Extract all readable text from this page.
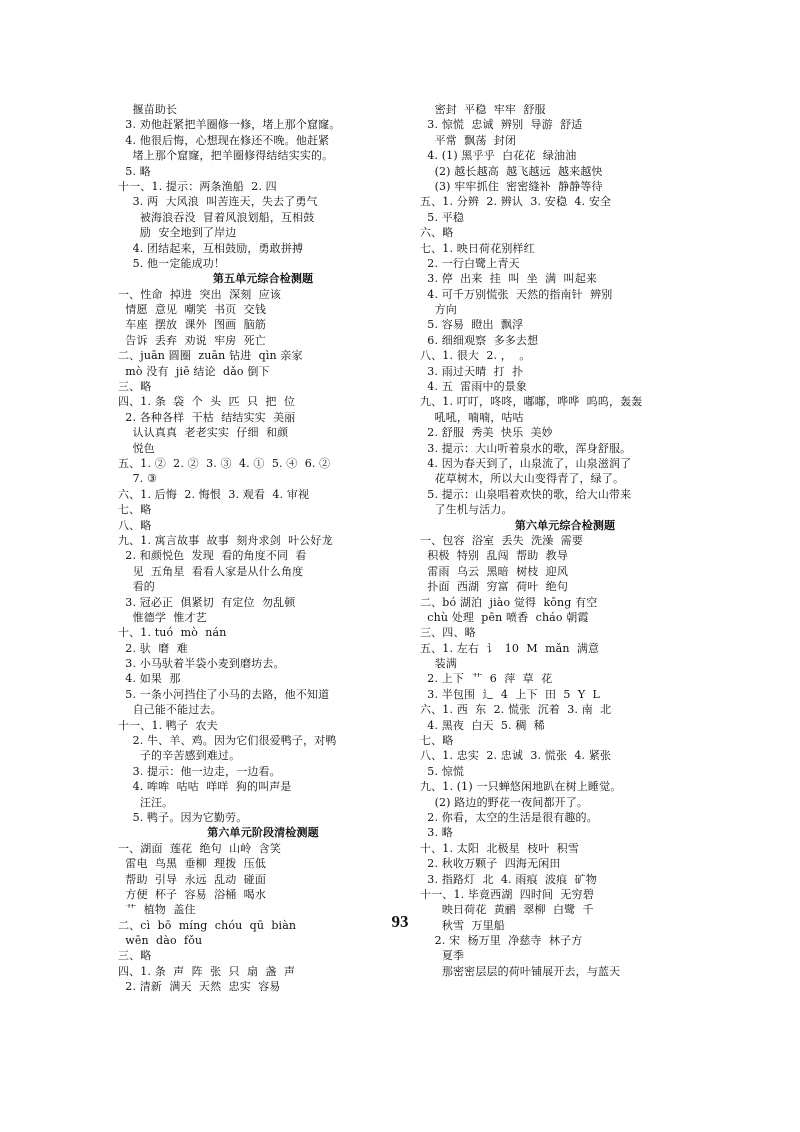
揠苗助长
3. 劝他赶紧把羊圈修一修，堵上那个窟窿。
4. 他很后悔，心想现在修还不晚。他赶紧
堵上那个窟窿，把羊圈修得结结实实的。
5. 略
十一、1. 提示：两条渔船  2. 四
3. 两  大风浪  叫苦连天，失去了勇气
被海浪吞没  冒着风浪划船，互相鼓
励  安全地到了岸边
4. 团结起来，互相鼓励，勇敢拼搏
5. 他一定能成功！
第五单元综合检测题
一、性命  掉进  突出  深刻  应该
情愿  意见  嘲笑  书页  交钱
车座  摆放  课外  图画  脑筋
告诉  丢弃  劝说  牢房  死亡
二、juān 圆圈  zuān 钻进  qìn 亲家
mò 没有  jiē 结论  dǎo 倒下
三、略
四、1. 条  袋  个  头  匹  只  把  位
2. 各种各样  干枯  结结实实  美丽
认认真真  老老实实  仔细  和颜
悦色
五、1. ②  2. ②  3. ③  4. ①  5. ④  6. ②
7. ③
六、1. 后悔  2. 悔恨  3. 观看  4. 审视
七、略
八、略
九、1. 寓言故事  故事  刻舟求剑  叶公好龙
2. 和颜悦色  发现  看的角度不同  看
见  五角星  看看人家是从什么角度
看的
3. 冠必正  俱紧切  有定位  勿乱顿
惟德学  惟才艺
十、1. tuó  mò  nán
2. 驮  磨  难
3. 小马驮着半袋小麦到磨坊去。
4. 如果  那
5. 一条小河挡住了小马的去路，他不知道
自己能不能过去。
十一、1. 鸭子  农夫
2. 牛、羊、鸡。因为它们很爱鸭子，对鸭
子的辛苦感到难过。
3. 提示：他一边走，一边看。
4. 哞哞  咕咕  咩咩  狗的叫声是
汪汪。
5. 鸭子。因为它勤劳。
第六单元阶段清检测题
一、湖面  莲花  绝句  山岭  含笑
雷电  鸟黑  垂柳  理拨  压低
帮助  引导  永远  乱动  碰面
方便  杯子  容易  浴桶  喝水
艹  植物  盖住
二、cì  bō  míng  chóu  qū  biàn
wēn  dào  fǒu
三、略
四、1. 条  声  阵  张  只  扇  盏  声
2. 清新  满天  天然  忠实  容易
密封  平稳  牢牢  舒服
3. 惊慌  忠诚  辨别  导游  舒适
平常  飘荡  封闭
4. (1) 黑乎乎  白花花  绿油油
(2) 越长越高  越飞越远  越来越快
(3) 牢牢抓住  密密缝补  静静等待
五、1. 分辨  2. 辨认  3. 安稳  4. 安全
5. 平稳
六、略
七、1. 映日荷花别样红
2. 一行白鹭上青天
3. 停  出来  挂  叫  坐  满  叫起来
4. 可千万别慌张  天然的指南针  辨别
方向
5. 容易  瞪出  飘浮
6. 细细观察  多多去想
八、1. 很大  2. ，  。
3. 雨过天晴  打  扑
4. 五  雷雨中的景象
九、1. 叮叮，咚咚，嘟嘟，哗哗  呜呜，轰轰
吼吼，喃喃，咕咕
2. 舒服  秀美  快乐  美妙
3. 提示：大山听着泉水的歌，浑身舒服。
4. 因为春天到了，山泉流了，山泉滋润了
花草树木，所以大山变得青了，绿了。
5. 提示：山泉唱着欢快的歌，给大山带来
了生机与活力。
第六单元综合检测题
一、包容  浴室  丢失  洗澡  需要
积极  特别  乱闯  帮助  教导
雷雨  乌云  黑暗  树枝  迎风
扑面  西湖  穷富  荷叶  绝句
二、bó 湖泊  jiào 觉得  kōng 有空
chù 处理  pēn 喷香  cháo 朝霞
三、四、略
五、1. 左右  讠  10  M  mǎn  满意
装满
2. 上下  艹  6  萍  草  花
3. 半包围  辶  4  上下  田  5  Y  L
六、1. 西  东  2. 慌张  沉着  3. 南  北
4. 黑夜  白天  5. 稠  稀
七、略
八、1. 忠实  2. 忠诚  3. 慌张  4. 紧张
5. 惊慌
九、1. (1) 一只蝉悠闲地趴在树上睡觉。
(2) 路边的野花一夜间都开了。
2. 你看，太空的生活是很有趣的。
3. 略
十、1. 太阳  北极星  枝叶  积雪
2. 秋收万颗子  四海无闲田
3. 指路灯  北  4. 雨痕  波痕  矿物
十一、1. 毕竟西湖  四时间  无穷碧
映日荷花  黄鹂  翠柳  白鹭  千
秋雪  万里船
2. 宋  杨万里  净慈寺  林子方
夏季
那密密层层的荷叶铺展开去，与蓝天
93
